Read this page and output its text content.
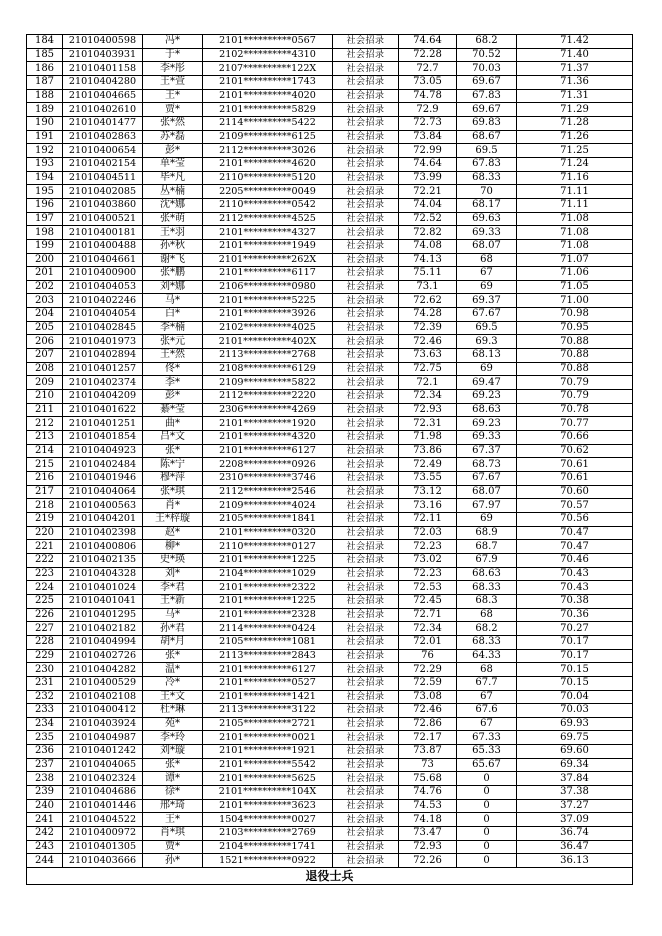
184	21010400598	冯*	2101**********0567	社会招录	74.64	68.2	71.42
185	21010403931	于*	2102**********4310	社会招录	72.28	70.52	71.40
186	21010401158	李*彤	2107**********122X	社会招录	72.7	70.03	71.37
187	21010404280	王*萱	2101**********1743	社会招录	73.05	69.67	71.36
188	21010404665	王*	2101**********4020	社会招录	74.78	67.83	71.31
189	21010402610	贾*	2101**********5829	社会招录	72.9	69.67	71.29
190	21010401477	张*然	2114**********5422	社会招录	72.73	69.83	71.28
191	21010402863	苏*磊	2109**********6125	社会招录	73.84	68.67	71.26
192	21010400654	彭*	2112**********3026	社会招录	72.99	69.5	71.25
193	21010402154	单*莹	2101**********4620	社会招录	74.64	67.83	71.24
194	21010404511	毕*凡	2110**********5120	社会招录	73.99	68.33	71.16
195	21010402085	丛*楠	2205**********0049	社会招录	72.21	70	71.11
196	21010403860	沈*娜	2110**********0542	社会招录	74.04	68.17	71.11
197	21010400521	张*萌	2112**********4525	社会招录	72.52	69.63	71.08
198	21010400181	王*羽	2101**********4327	社会招录	72.82	69.33	71.08
199	21010400488	孙*秋	2101**********1949	社会招录	74.08	68.07	71.08
200	21010404661	谢*飞	2101**********262X	社会招录	74.13	68	71.07
201	21010400900	张*鹏	2101**********6117	社会招录	75.11	67	71.06
202	21010404053	刘*娜	2106**********0980	社会招录	73.1	69	71.05
203	21010402246	马*	2101**********5225	社会招录	72.62	69.37	71.00
204	21010404054	白*	2101**********3926	社会招录	74.28	67.67	70.98
205	21010402845	李*楠	2102**********4025	社会招录	72.39	69.5	70.95
206	21010401973	张*元	2101**********402X	社会招录	72.46	69.3	70.88
207	21010402894	王*然	2113**********2768	社会招录	73.63	68.13	70.88
208	21010401257	佟*	2108**********6129	社会招录	72.75	69	70.88
209	21010402374	李*	2109**********5822	社会招录	72.1	69.47	70.79
210	21010404209	彭*	2112**********2220	社会招录	72.34	69.23	70.79
211	21010401622	綦*莹	2306**********4269	社会招录	72.93	68.63	70.78
212	21010401251	曲*	2101**********1920	社会招录	72.31	69.23	70.77
213	21010401854	吕*文	2101**********4320	社会招录	71.98	69.33	70.66
214	21010404923	张*	2101**********6127	社会招录	73.86	67.37	70.62
215	21010402484	陈*宁	2208**********0926	社会招录	72.49	68.73	70.61
216	21010401946	穆*萍	2310**********3746	社会招录	73.55	67.67	70.61
217	21010404064	张*琪	2112**********2546	社会招录	73.12	68.07	70.60
218	21010400563	肖*	2109**********4024	社会招录	73.16	67.97	70.57
219	21010404201	王*梓璇	2105**********1841	社会招录	72.11	69	70.56
220	21010402398	赵*	2101**********0320	社会招录	72.03	68.9	70.47
221	21010400806	柳*	2110**********0127	社会招录	72.23	68.7	70.47
222	21010402135	史*瑛	2101**********1225	社会招录	73.02	67.9	70.46
223	21010404328	刘*	2104**********1029	社会招录	72.23	68.63	70.43
224	21010401024	李*君	2101**********2322	社会招录	72.53	68.33	70.43
225	21010401041	王*新	2101**********1225	社会招录	72.45	68.3	70.38
226	21010401295	马*	2101**********2328	社会招录	72.71	68	70.36
227	21010402182	孙*君	2114**********0424	社会招录	72.34	68.2	70.27
228	21010404994	胡*月	2105**********1081	社会招录	72.01	68.33	70.17
229	21010402726	张*	2113**********2843	社会招录	76	64.33	70.17
230	21010404282	温*	2101**********6127	社会招录	72.29	68	70.15
231	21010400529	冷*	2101**********0527	社会招录	72.59	67.7	70.15
232	21010402108	王*文	2101**********1421	社会招录	73.08	67	70.04
233	21010400412	杜*琳	2113**********3122	社会招录	72.46	67.6	70.03
234	21010403924	苑*	2105**********2721	社会招录	72.86	67	69.93
235	21010404987	李*玲	2101**********0021	社会招录	72.17	67.33	69.75
236	21010401242	刘*璇	2101**********1921	社会招录	73.87	65.33	69.60
237	21010404065	张*	2101**********5542	社会招录	73	65.67	69.34
238	21010402324	谭*	2101**********5625	社会招录	75.68	0	37.84
239	21010404686	徐*	2101**********104X	社会招录	74.76	0	37.38
240	21010401446	邢*琦	2101**********3623	社会招录	74.53	0	37.27
241	21010404522	王*	1504**********0027	社会招录	74.18	0	37.09
242	21010400972	肖*琪	2103**********2769	社会招录	73.47	0	36.74
243	21010401305	贾*	2104**********1741	社会招录	72.93	0	36.47
244	21010403666	孙*	1521**********0922	社会招录	72.26	0	36.13
退役士兵							
